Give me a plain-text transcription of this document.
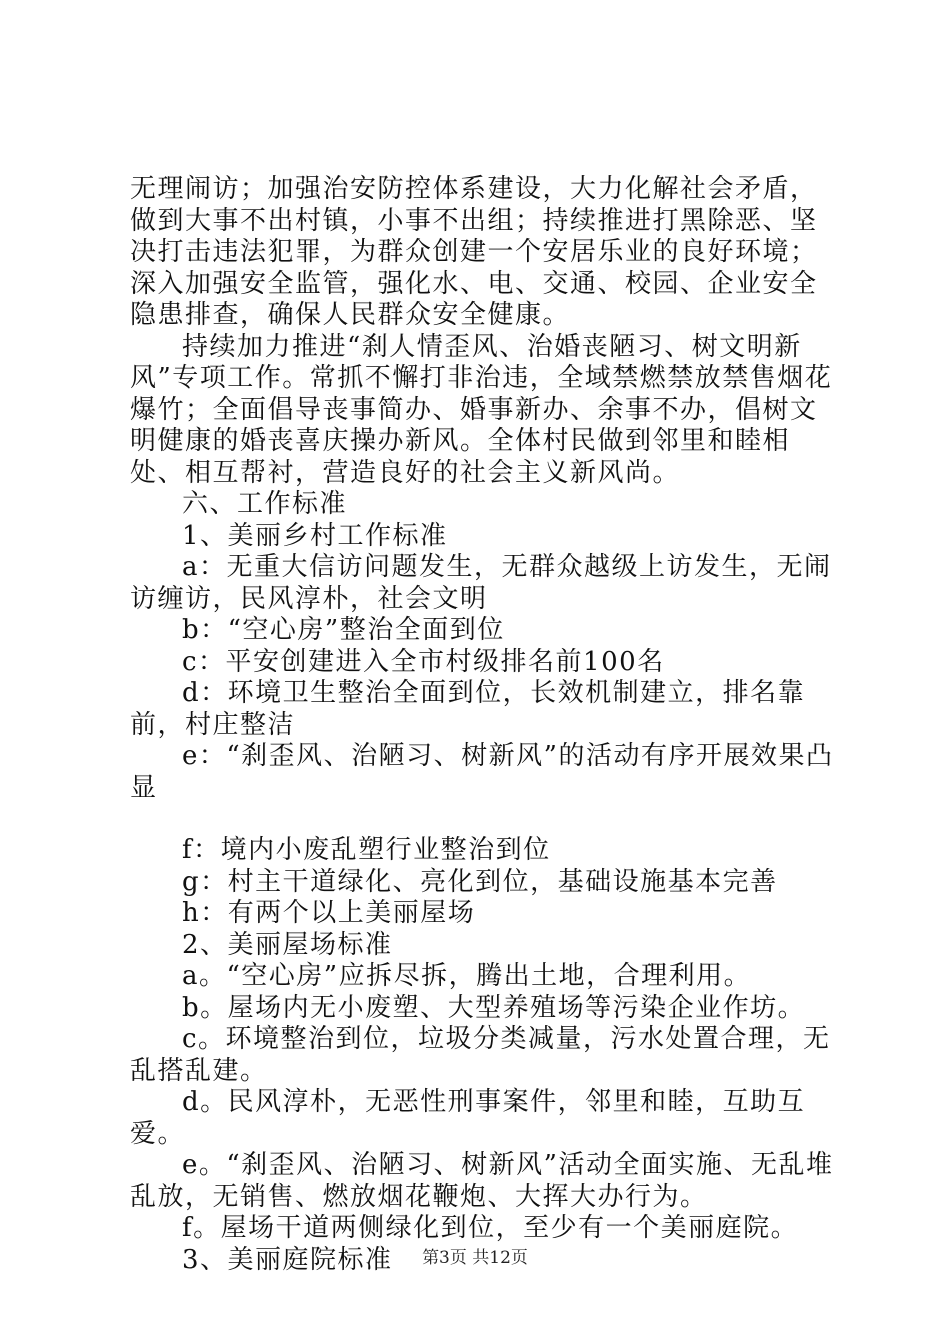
无理闹访；加强治安防控体系建设，大力化解社会矛盾，做到大事不出村镇，小事不出组；持续推进打黑除恶、坚决打击违法犯罪，为群众创建一个安居乐业的良好环境；深入加强安全监管，强化水、电、交通、校园、企业安全隐患排查，确保人民群众安全健康。

持续加力推进“刹人情歪风、治婚丧陋习、树文明新风”专项工作。常抓不懈打非治违，全域禁燃禁放禁售烟花爆竹；全面倡导丧事简办、婚事新办、余事不办，倡树文明健康的婚丧喜庆操办新风。全体村民做到邻里和睦相处、相互帮衬，营造良好的社会主义新风尚。

六、工作标准

1、美丽乡村工作标准

a：无重大信访问题发生，无群众越级上访发生，无闹访缠访，民风淳朴，社会文明

b：“空心房”整治全面到位

c：平安创建进入全市村级排名前100名

d：环境卫生整治全面到位，长效机制建立，排名靠前，村庄整洁

e：“刹歪风、治陋习、树新风”的活动有序开展效果凸显

f：境内小废乱塑行业整治到位

g：村主干道绿化、亮化到位，基础设施基本完善

h：有两个以上美丽屋场

2、美丽屋场标准

a。“空心房”应拆尽拆，腾出土地，合理利用。

b。屋场内无小废塑、大型养殖场等污染企业作坊。

c。环境整治到位，垃圾分类减量，污水处置合理，无乱搭乱建。

d。民风淳朴，无恶性刑事案件，邻里和睦，互助互爱。

e。“刹歪风、治陋习、树新风”活动全面实施、无乱堆乱放，无销售、燃放烟花鞭炮、大挥大办行为。

f。屋场干道两侧绿化到位，至少有一个美丽庭院。

3、美丽庭院标准	第3页 共12页
